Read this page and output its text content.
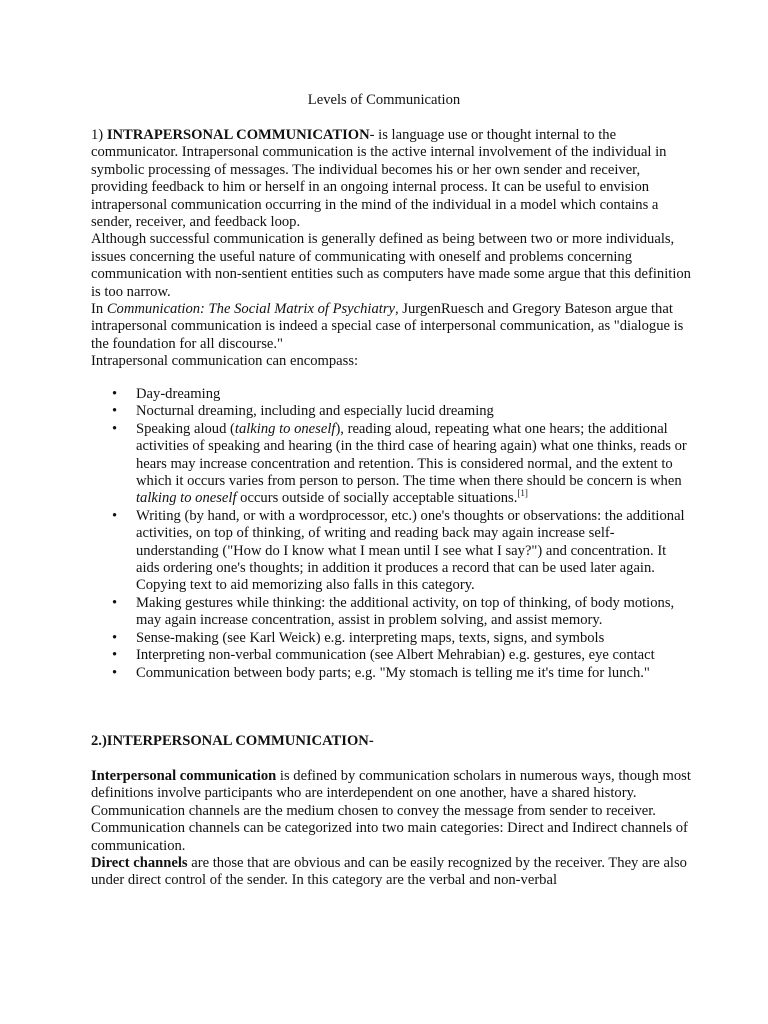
Levels of Communication

1) INTRAPERSONAL COMMUNICATION- is language use or thought internal to the communicator. Intrapersonal communication is the active internal involvement of the individual in symbolic processing of messages. The individual becomes his or her own sender and receiver, providing feedback to him or herself in an ongoing internal process. It can be useful to envision intrapersonal communication occurring in the mind of the individual in a model which contains a sender, receiver, and feedback loop.

Although successful communication is generally defined as being between two or more individuals, issues concerning the useful nature of communicating with oneself and problems concerning communication with non-sentient entities such as computers have made some argue that this definition is too narrow.

In Communication: The Social Matrix of Psychiatry, JurgenRuesch and Gregory Bateson argue that intrapersonal communication is indeed a special case of interpersonal communication, as "dialogue is the foundation for all discourse."

Intrapersonal communication can encompass:

• Day-dreaming
• Nocturnal dreaming, including and especially lucid dreaming
• Speaking aloud (talking to oneself), reading aloud, repeating what one hears; the additional activities of speaking and hearing (in the third case of hearing again) what one thinks, reads or hears may increase concentration and retention. This is considered normal, and the extent to which it occurs varies from person to person. The time when there should be concern is when talking to oneself occurs outside of socially acceptable situations.[1]
• Writing (by hand, or with a wordprocessor, etc.) one's thoughts or observations: the additional activities, on top of thinking, of writing and reading back may again increase self-understanding ("How do I know what I mean until I see what I say?") and concentration. It aids ordering one's thoughts; in addition it produces a record that can be used later again. Copying text to aid memorizing also falls in this category.
• Making gestures while thinking: the additional activity, on top of thinking, of body motions, may again increase concentration, assist in problem solving, and assist memory.
• Sense-making (see Karl Weick) e.g. interpreting maps, texts, signs, and symbols
• Interpreting non-verbal communication (see Albert Mehrabian) e.g. gestures, eye contact
• Communication between body parts; e.g. "My stomach is telling me it's time for lunch."
2.)INTERPERSONAL COMMUNICATION-

Interpersonal communication is defined by communication scholars in numerous ways, though most definitions involve participants who are interdependent on one another, have a shared history. Communication channels are the medium chosen to convey the message from sender to receiver. Communication channels can be categorized into two main categories: Direct and Indirect channels of communication.

Direct channels are those that are obvious and can be easily recognized by the receiver. They are also under direct control of the sender. In this category are the verbal and non-verbal
